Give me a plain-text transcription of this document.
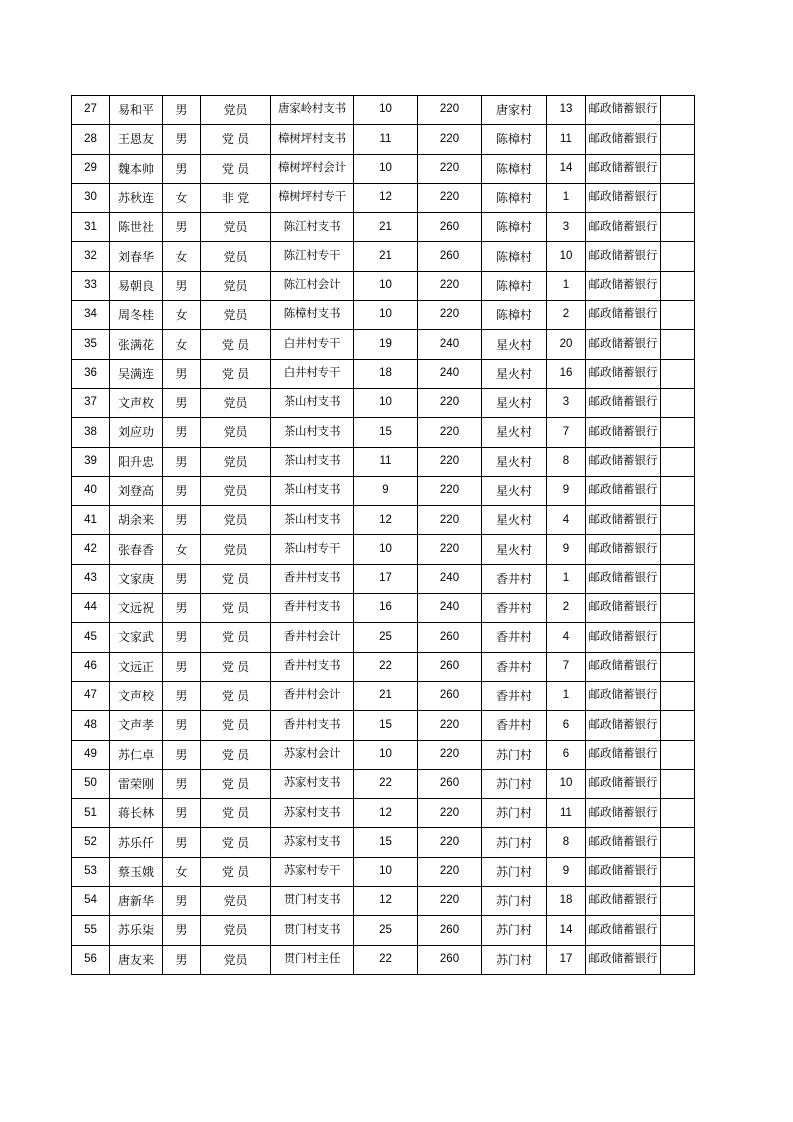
27	易和平	男	党员	唐家岭村支书	10	220	唐家村	13	邮政储蓄银行	
28	王恩友	男	党 员	樟树坪村支书	11	220	陈樟村	11	邮政储蓄银行	
29	魏本帅	男	党 员	樟树坪村会计	10	220	陈樟村	14	邮政储蓄银行	
30	苏秋连	女	非 党	樟树坪村专干	12	220	陈樟村	1	邮政储蓄银行	
31	陈世社	男	党员	陈江村支书	21	260	陈樟村	3	邮政储蓄银行	
32	刘春华	女	党员	陈江村专干	21	260	陈樟村	10	邮政储蓄银行	
33	易朝良	男	党员	陈江村会计	10	220	陈樟村	1	邮政储蓄银行	
34	周冬桂	女	党员	陈樟村支书	10	220	陈樟村	2	邮政储蓄银行	
35	张满花	女	党 员	白井村专干	19	240	星火村	20	邮政储蓄银行	
36	吴满连	男	党 员	白井村专干	18	240	星火村	16	邮政储蓄银行	
37	文声枚	男	党员	茶山村支书	10	220	星火村	3	邮政储蓄银行	
38	刘应功	男	党员	茶山村支书	15	220	星火村	7	邮政储蓄银行	
39	阳升忠	男	党员	茶山村支书	11	220	星火村	8	邮政储蓄银行	
40	刘登高	男	党员	茶山村支书	9	220	星火村	9	邮政储蓄银行	
41	胡余来	男	党员	茶山村支书	12	220	星火村	4	邮政储蓄银行	
42	张春香	女	党员	茶山村专干	10	220	星火村	9	邮政储蓄银行	
43	文家庚	男	党 员	香井村支书	17	240	香井村	1	邮政储蓄银行	
44	文远祝	男	党 员	香井村支书	16	240	香井村	2	邮政储蓄银行	
45	文家武	男	党 员	香井村会计	25	260	香井村	4	邮政储蓄银行	
46	文远正	男	党 员	香井村支书	22	260	香井村	7	邮政储蓄银行	
47	文声校	男	党 员	香井村会计	21	260	香井村	1	邮政储蓄银行	
48	文声孝	男	党 员	香井村支书	15	220	香井村	6	邮政储蓄银行	
49	苏仁卓	男	党 员	苏家村会计	10	220	苏门村	6	邮政储蓄银行	
50	雷荣刚	男	党 员	苏家村支书	22	260	苏门村	10	邮政储蓄银行	
51	蒋长林	男	党 员	苏家村支书	12	220	苏门村	11	邮政储蓄银行	
52	苏乐仟	男	党 员	苏家村支书	15	220	苏门村	8	邮政储蓄银行	
53	蔡玉娥	女	党 员	苏家村专干	10	220	苏门村	9	邮政储蓄银行	
54	唐新华	男	党员	贯门村支书	12	220	苏门村	18	邮政储蓄银行	
55	苏乐柒	男	党员	贯门村支书	25	260	苏门村	14	邮政储蓄银行	
56	唐友来	男	党员	贯门村主任	22	260	苏门村	17	邮政储蓄银行	
